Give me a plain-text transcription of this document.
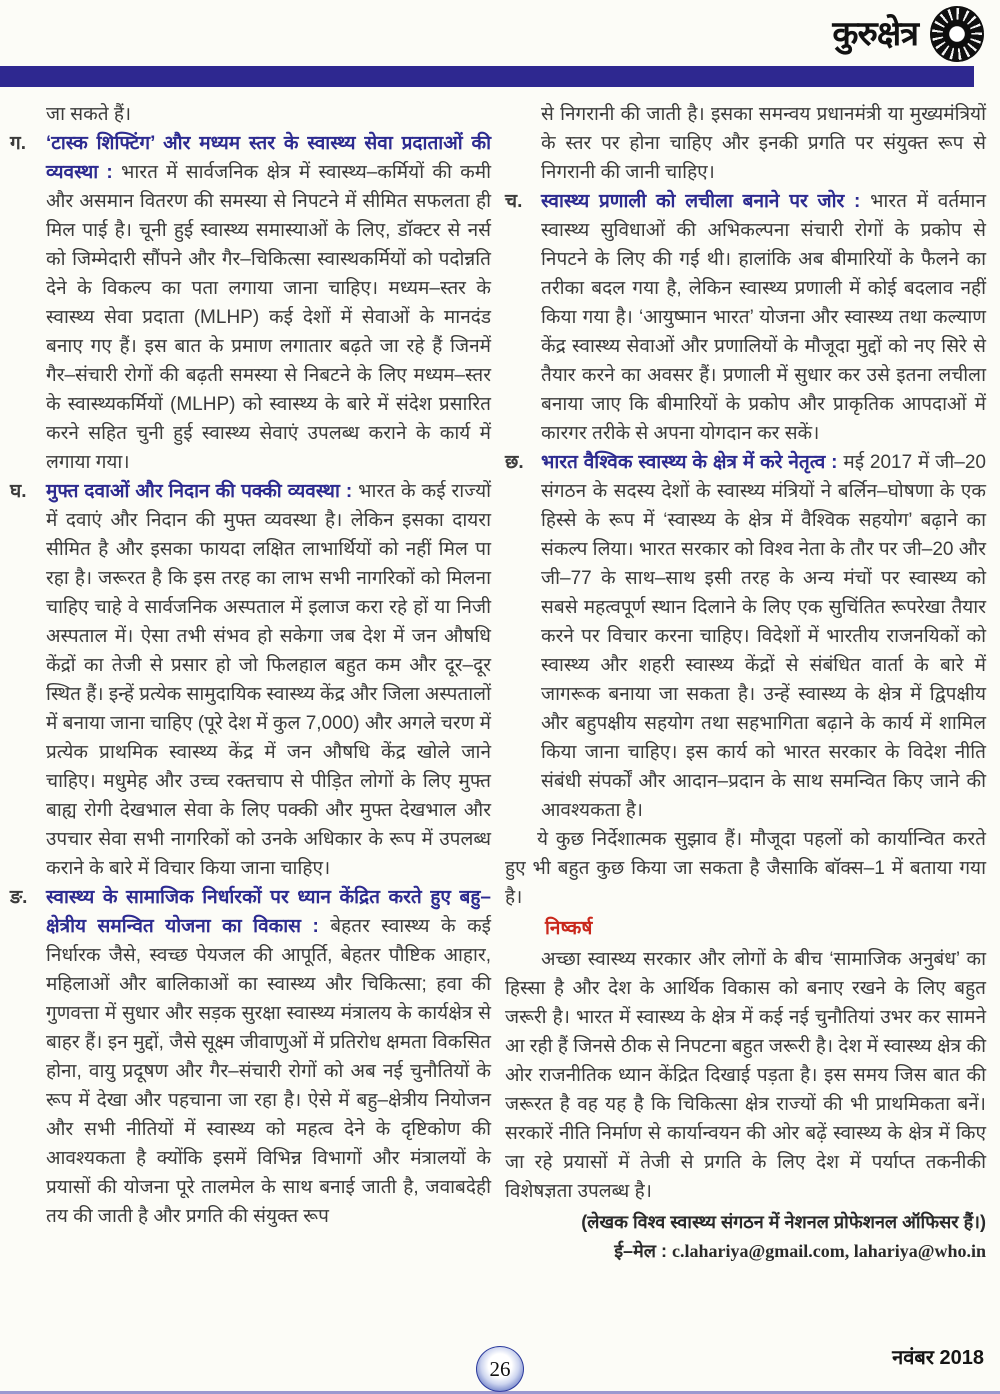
कुरुक्षेत्र

जा सकते हैं।

ग.	‘टास्क शिफ्टिंग’ और मध्यम स्तर के स्वास्थ्य सेवा प्रदाताओं की व्यवस्था : भारत में सार्वजनिक क्षेत्र में स्वास्थ्य–कर्मियों की कमी और असमान वितरण की समस्या से निपटने में सीमित सफलता ही मिल पाई है। चूनी हुई स्वास्थ्य समास्याओं के लिए, डॉक्टर से नर्स को जिम्मेदारी सौंपने और गैर–चिकित्सा स्वास्थकर्मियों को पदोन्नति देने के विकल्प का पता लगाया जाना चाहिए। मध्यम–स्तर के स्वास्थ्य सेवा प्रदाता (MLHP) कई देशों में सेवाओं के मानदंड बनाए गए हैं। इस बात के प्रमाण लगातार बढ़ते जा रहे हैं जिनमें गैर–संचारी रोगों की बढ़ती समस्या से निबटने के लिए मध्यम–स्तर के स्वास्थ्यकर्मियों (MLHP) को स्वास्थ्य के बारे में संदेश प्रसारित करने सहित चुनी हुई स्वास्थ्य सेवाएं उपलब्ध कराने के कार्य में लगाया गया।

घ.	मुफ्त दवाओं और निदान की पक्की व्यवस्था : भारत के कई राज्यों में दवाएं और निदान की मुफ्त व्यवस्था है। लेकिन इसका दायरा सीमित है और इसका फायदा लक्षित लाभार्थियों को नहीं मिल पा रहा है। जरूरत है कि इस तरह का लाभ सभी नागरिकों को मिलना चाहिए चाहे वे सार्वजनिक अस्पताल में इलाज करा रहे हों या निजी अस्पताल में। ऐसा तभी संभव हो सकेगा जब देश में जन औषधि केंद्रों का तेजी से प्रसार हो जो फिलहाल बहुत कम और दूर–दूर स्थित हैं। इन्हें प्रत्येक सामुदायिक स्वास्थ्य केंद्र और जिला अस्पतालों में बनाया जाना चाहिए (पूरे देश में कुल 7,000) और अगले चरण में प्रत्येक प्राथमिक स्वास्थ्य केंद्र में जन औषधि केंद्र खोले जाने चाहिए। मधुमेह और उच्च रक्तचाप से पीड़ित लोगों के लिए मुफ्त बाह्य रोगी देखभाल सेवा के लिए पक्की और मुफ्त देखभाल और उपचार सेवा सभी नागरिकों को उनके अधिकार के रूप में उपलब्ध कराने के बारे में विचार किया जाना चाहिए।

ङ. स्वास्थ्य के सामाजिक निर्धारकों पर ध्यान केंद्रित करते हुए बहु–क्षेत्रीय समन्वित योजना का विकास : बेहतर स्वास्थ्य के कई निर्धारक जैसे, स्वच्छ पेयजल की आपूर्ति, बेहतर पौष्टिक आहार, महिलाओं और बालिकाओं का स्वास्थ्य और चिकित्सा; हवा की गुणवत्ता में सुधार और सड़क सुरक्षा स्वास्थ्य मंत्रालय के कार्यक्षेत्र से बाहर हैं। इन मुद्दों, जैसे सूक्ष्म जीवाणुओं में प्रतिरोध क्षमता विकसित होना, वायु प्रदूषण और गैर–संचारी रोगों को अब नई चुनौतियों के रूप में देखा और पहचाना जा रहा है। ऐसे में बहु–क्षेत्रीय नियोजन और सभी नीतियों में स्वास्थ्य को महत्व देने के दृष्टिकोण की आवश्यकता है क्योंकि इसमें विभिन्न विभागों और मंत्रालयों के प्रयासों की योजना पूरे तालमेल के साथ बनाई जाती है, जवाबदेही तय की जाती है और प्रगति की संयुक्त रूप

से निगरानी की जाती है। इसका समन्वय प्रधानमंत्री या मुख्यमंत्रियों के स्तर पर होना चाहिए और इनकी प्रगति पर संयुक्त रूप से निगरानी की जानी चाहिए।

च. स्वास्थ्य प्रणाली को लचीला बनाने पर जोर : भारत में वर्तमान स्वास्थ्य सुविधाओं की अभिकल्पना संचारी रोगों के प्रकोप से निपटने के लिए की गई थी। हालांकि अब बीमारियों के फैलने का तरीका बदल गया है, लेकिन स्वास्थ्य प्रणाली में कोई बदलाव नहीं किया गया है। ‘आयुष्मान भारत’ योजना और स्वास्थ्य तथा कल्याण केंद्र स्वास्थ्य सेवाओं और प्रणालियों के मौजूदा मुद्दों को नए सिरे से तैयार करने का अवसर हैं। प्रणाली में सुधार कर उसे इतना लचीला बनाया जाए कि बीमारियों के प्रकोप और प्राकृतिक आपदाओं में कारगर तरीके से अपना योगदान कर सकें।

छ. भारत वैश्विक स्वास्थ्य के क्षेत्र में करे नेतृत्व : मई 2017 में जी–20 संगठन के सदस्य देशों के स्वास्थ्य मंत्रियों ने बर्लिन–घोषणा के एक हिस्से के रूप में ‘स्वास्थ्य के क्षेत्र में वैश्विक सहयोग’ बढ़ाने का संकल्प लिया। भारत सरकार को विश्व नेता के तौर पर जी–20 और जी–77 के साथ–साथ इसी तरह के अन्य मंचों पर स्वास्थ्य को सबसे महत्वपूर्ण स्थान दिलाने के लिए एक सुचिंतित रूपरेखा तैयार करने पर विचार करना चाहिए। विदेशों में भारतीय राजनयिकों को स्वास्थ्य और शहरी स्वास्थ्य केंद्रों से संबंधित वार्ता के बारे में जागरूक बनाया जा सकता है। उन्हें स्वास्थ्य के क्षेत्र में द्विपक्षीय और बहुपक्षीय सहयोग तथा सहभागिता बढ़ाने के कार्य में शामिल किया जाना चाहिए। इस कार्य को भारत सरकार के विदेश नीति संबंधी संपर्कों और आदान–प्रदान के साथ समन्वित किए जाने की आवश्यकता है।

ये कुछ निर्देशात्मक सुझाव हैं। मौजूदा पहलों को कार्यान्वित करते हुए भी बहुत कुछ किया जा सकता है जैसाकि बॉक्स–1 में बताया गया है।

निष्कर्ष

अच्छा स्वास्थ्य सरकार और लोगों के बीच ‘सामाजिक अनुबंध’ का हिस्सा है और देश के आर्थिक विकास को बनाए रखने के लिए बहुत जरूरी है। भारत में स्वास्थ्य के क्षेत्र में कई नई चुनौतियां उभर कर सामने आ रही हैं जिनसे ठीक से निपटना बहुत जरूरी है। देश में स्वास्थ्य क्षेत्र की ओर राजनीतिक ध्यान केंद्रित दिखाई पड़ता है। इस समय जिस बात की जरूरत है वह यह है कि चिकित्सा क्षेत्र राज्यों की भी प्राथमिकता बनें। सरकारें नीति निर्माण से कार्यान्वयन की ओर बढ़ें स्वास्थ्य के क्षेत्र में किए जा रहे प्रयासों में तेजी से प्रगति के लिए देश में पर्याप्त तकनीकी विशेषज्ञता उपलब्ध है।

(लेखक विश्व स्वास्थ्य संगठन में नेशनल प्रोफेशनल ऑफिसर हैं।)

ई–मेल : c.lahariya@gmail.com, lahariya@who.in

26	नवंबर 2018
